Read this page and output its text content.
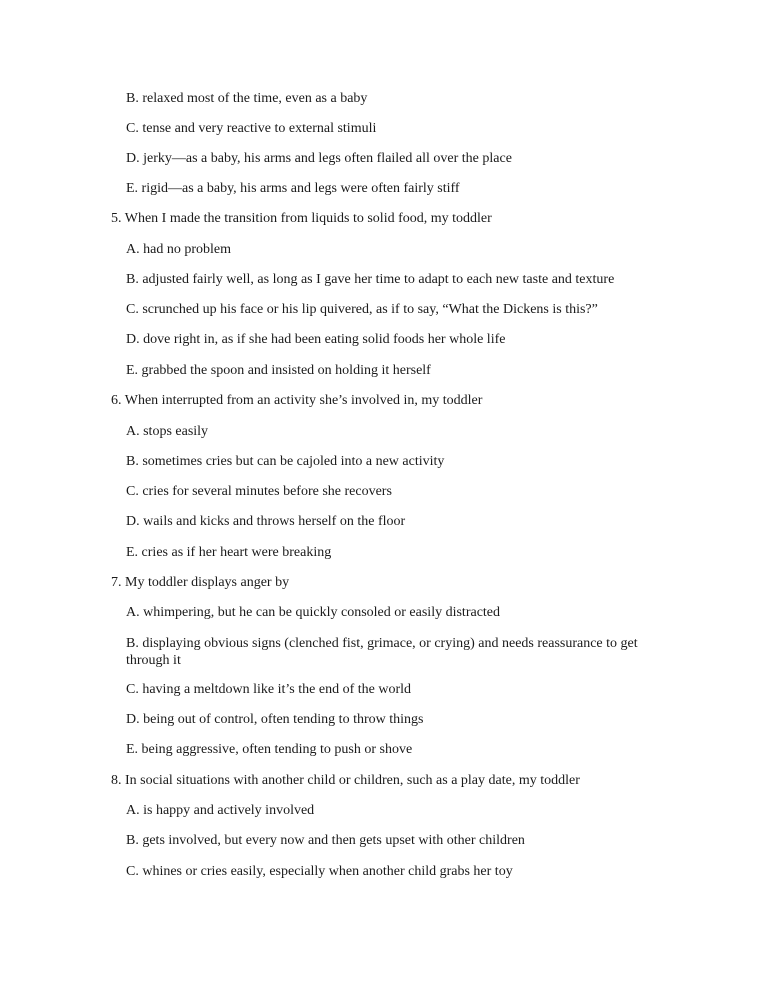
B. relaxed most of the time, even as a baby
C. tense and very reactive to external stimuli
D. jerky—as a baby, his arms and legs often flailed all over the place
E. rigid—as a baby, his arms and legs were often fairly stiff
5. When I made the transition from liquids to solid food, my toddler
A. had no problem
B. adjusted fairly well, as long as I gave her time to adapt to each new taste and texture
C. scrunched up his face or his lip quivered, as if to say, “What the Dickens is this?”
D. dove right in, as if she had been eating solid foods her whole life
E. grabbed the spoon and insisted on holding it herself
6. When interrupted from an activity she’s involved in, my toddler
A. stops easily
B. sometimes cries but can be cajoled into a new activity
C. cries for several minutes before she recovers
D. wails and kicks and throws herself on the floor
E. cries as if her heart were breaking
7. My toddler displays anger by
A. whimpering, but he can be quickly consoled or easily distracted
B. displaying obvious signs (clenched fist, grimace, or crying) and needs reassurance to get through it
C. having a meltdown like it’s the end of the world
D. being out of control, often tending to throw things
E. being aggressive, often tending to push or shove
8. In social situations with another child or children, such as a play date, my toddler
A. is happy and actively involved
B. gets involved, but every now and then gets upset with other children
C. whines or cries easily, especially when another child grabs her toy
